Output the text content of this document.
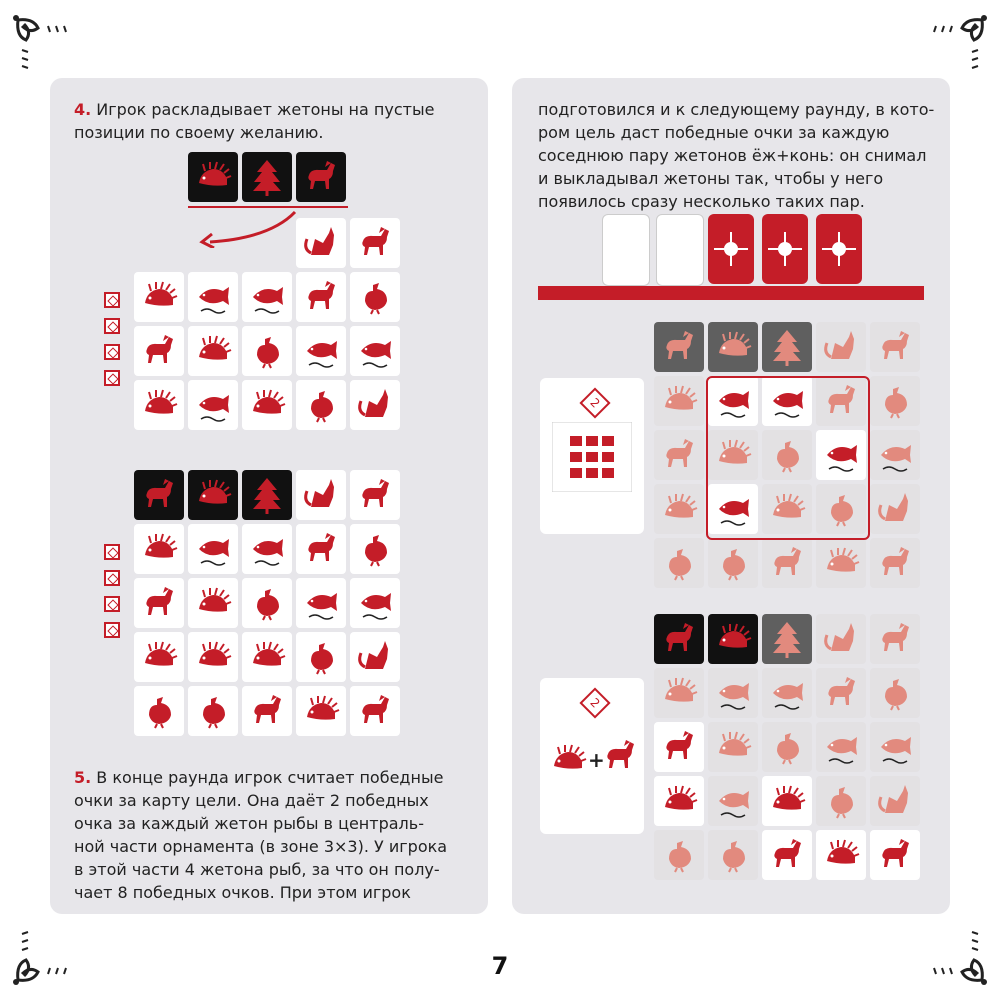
4. Игрок раскладывает жетоны на пустые
позиции по своему желанию.
5. В конце раунда игрок считает победные
очки за карту цели. Она даёт 2 победных
очка за каждый жетон рыбы в централь-
ной части орнамента (в зоне 3×3). У игрока
в этой части 4 жетона рыб, за что он полу-
чает 8 победных очков. При этом игрок
подготовился и к следующему раунду, в кото-
ром цель даст победные очки за каждую
соседнюю пару жетонов ёж+конь: он снимал
и выкладывал жетоны так, чтобы у него
появилось сразу несколько таких пар.
2
2
+
7
